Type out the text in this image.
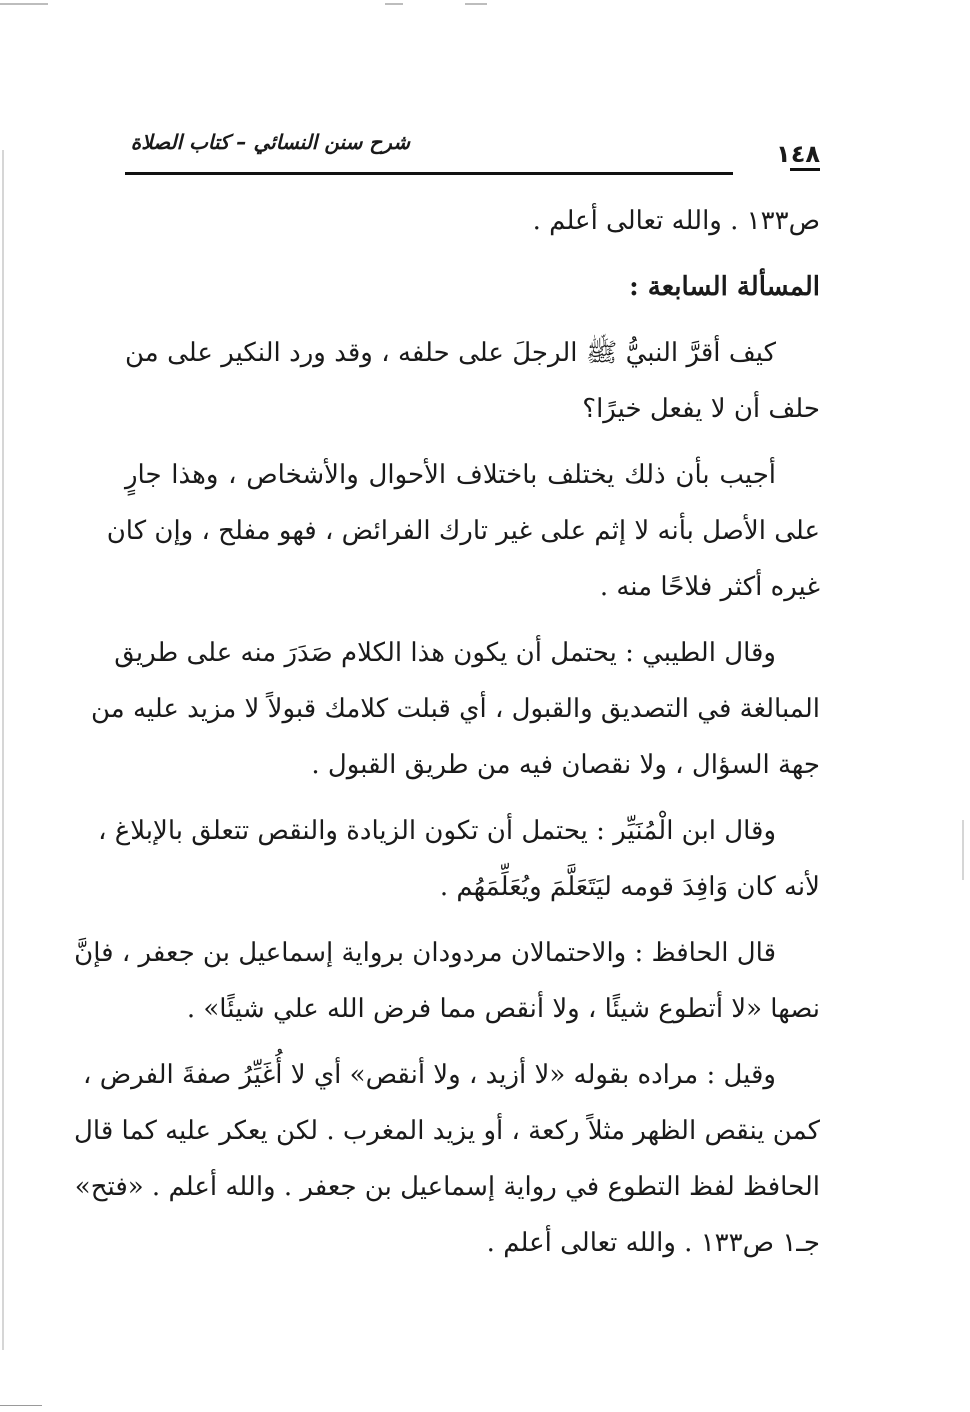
شرح سنن النسائي – كتاب الصلاة	١٤٨
ص١٣٣ . والله تعالى أعلم .
المسألة السابعة :
كيف أقرَّ النبيُّ ﷺ الرجلَ على حلفه ، وقد ورد النكير على من
حلف أن لا يفعل خيرًا؟
أجيب بأن ذلك يختلف باختلاف الأحوال والأشخاص ، وهذا جارٍ
على الأصل بأنه لا إثم على غير تارك الفرائض ، فهو مفلح ، وإن كان
غيره أكثر فلاحًا منه .
وقال الطيبي : يحتمل أن يكون هذا الكلام صَدَرَ منه على طريق
المبالغة في التصديق والقبول ، أي قبلت كلامك قبولاً لا مزيد عليه من
جهة السؤال ، ولا نقصان فيه من طريق القبول .
وقال ابن الْمُنَيِّر : يحتمل أن تكون الزيادة والنقص تتعلق بالإبلاغ ،
لأنه كان وَافِدَ قومه ليَتَعَلَّمَ ويُعَلِّمَهُم .
قال الحافظ : والاحتمالان مردودان برواية إسماعيل بن جعفر ، فإنَّ
نصها «لا أتطوع شيئًا ، ولا أنقص مما فرض الله علي شيئًا» .
وقيل : مراده بقوله «لا أزيد ، ولا أنقص» أي لا أُغَيِّرُ صفةَ الفرض ،
كمن ينقص الظهر مثلاً ركعة ، أو يزيد المغرب . لكن يعكر عليه كما قال
الحافظ لفظ التطوع في رواية إسماعيل بن جعفر . والله أعلم . «فتح»
جـ١ ص١٣٣ . والله تعالى أعلم .
